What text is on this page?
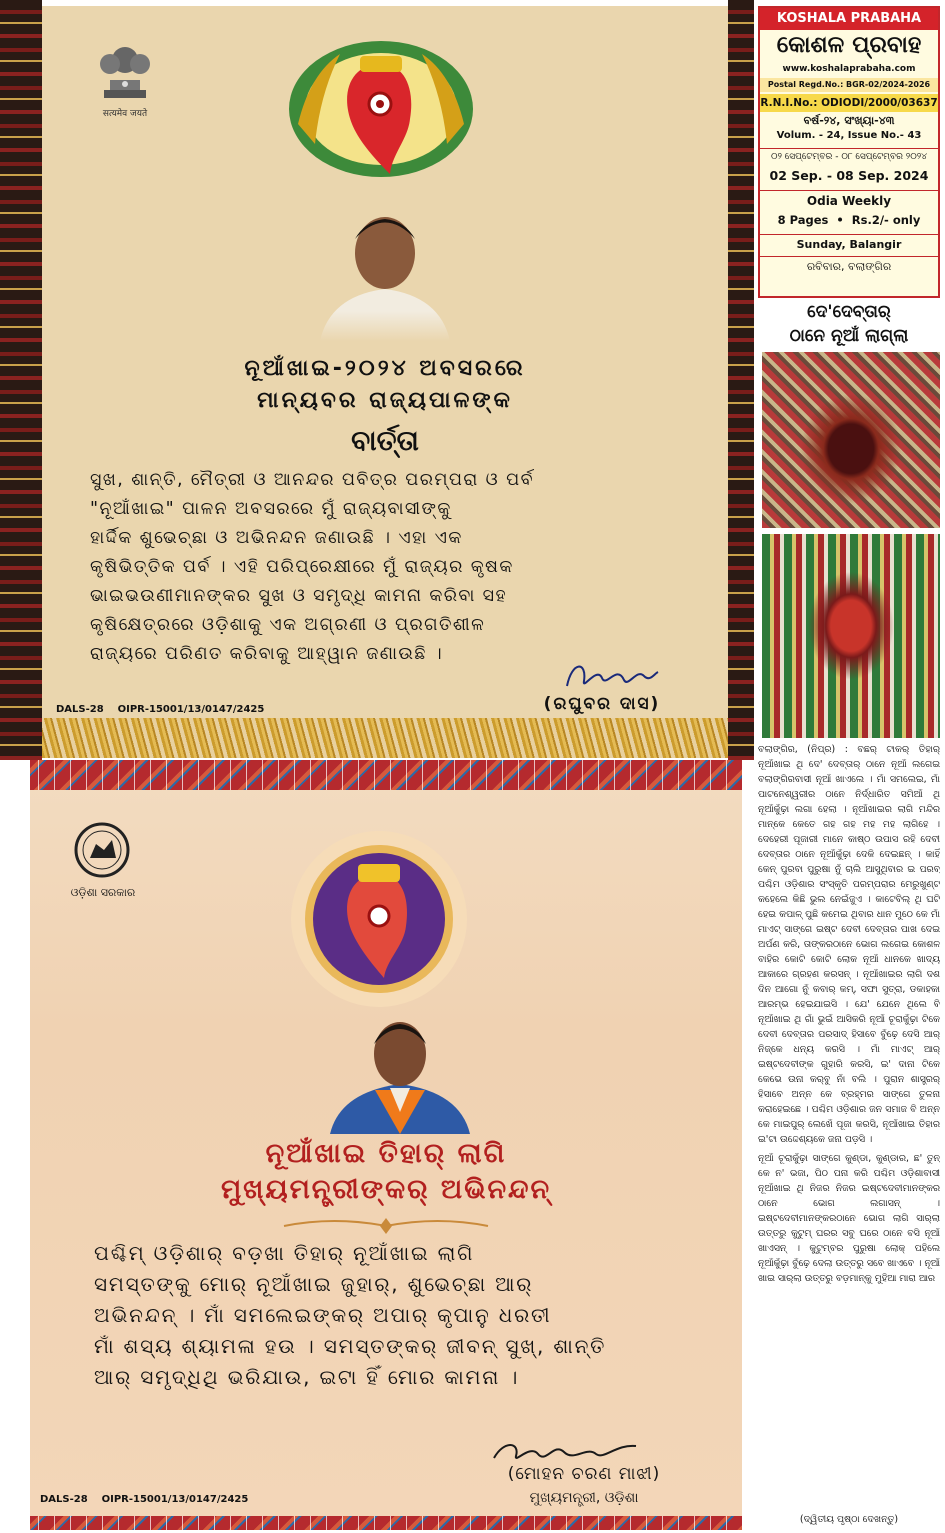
सत्यमेव जयते
ନୂଆଁଖାଇ-୨୦୨୪ ଅବସରରେ
ମାନ୍ୟବର ରାଜ୍ୟପାଳଙ୍କ
ବାର୍ତ୍ତା
ସୁଖ, ଶାନ୍ତି, ମୈତ୍ରୀ ଓ ଆନନ୍ଦର ପବିତ୍ର ପରମ୍ପରା ଓ ପର୍ବ
"ନୂଆଁଖାଇ" ପାଳନ ଅବସରରେ ମୁଁ ରାଜ୍ୟବାସୀଙ୍କୁ
ହାର୍ଦ୍ଦିକ ଶୁଭେଚ୍ଛା ଓ ଅଭିନନ୍ଦନ ଜଣାଉଛି । ଏହା ଏକ
କୃଷିଭିତ୍ତିକ ପର୍ବ । ଏହି ପରିପ୍ରେକ୍ଷୀରେ ମୁଁ ରାଜ୍ୟର କୃଷକ
ଭାଇଭଉଣୀମାନଙ୍କର ସୁଖ ଓ ସମୃଦ୍ଧି କାମନା କରିବା ସହ
କୃଷିକ୍ଷେତ୍ରରେ ଓଡ଼ିଶାକୁ ଏକ ଅଗ୍ରଣୀ ଓ ପ୍ରଗତିଶୀଳ
ରାଜ୍ୟରେ ପରିଣତ କରିବାକୁ ଆହ୍ୱାନ ଜଣାଉଛି ।
(ରଘୁବର ଦାସ)
DALS-28    OIPR-15001/13/0147/2425
ଓଡ଼ିଶା ସରକାର
ନୂଆଁଖାଇ ତିହାର୍ ଲାଗି
ମୁଖ୍ୟମନ୍ତ୍ରୀଙ୍କର୍ ଅଭିନନ୍ଦନ୍
ପଶ୍ଚିମ୍ ଓଡ଼ିଶାର୍ ବଡ଼ଖା ତିହାର୍ ନୂଆଁଖାଇ ଲାଗି
ସମସ୍ତଙ୍କୁ ମୋର୍ ନୂଆଁଖାଇ ଜୁହାର୍, ଶୁଭେଚ୍ଛା ଆର୍
ଅଭିନନ୍ଦନ୍ । ମାଁ ସମଲେଇଙ୍କର୍ ଅପାର୍ କୃପାନୁ ଧରତୀ
ମାଁ ଶସ୍ୟ ଶ୍ୟାମଳା ହଉ । ସମସ୍ତଙ୍କର୍ ଜୀବନ୍ ସୁଖ୍, ଶାନ୍ତି
ଆର୍ ସମୃଦ୍ଧିଥି ଭରିଯାଉ, ଇଟା ହିଁ ମୋର କାମନା ।
(ମୋହନ ଚରଣ ମାଝୀ)
ମୁଖ୍ୟମନ୍ତ୍ରୀ, ଓଡ଼ିଶା
DALS-28    OIPR-15001/13/0147/2425
KOSHALA PRABAHA
କୋଶଳ ପ୍ରବାହ
www.koshalaprabaha.com
Postal Regd.No.: BGR-02/2024-2026
R.N.I.No.: ODIODI/2000/03637
ବର୍ଷ-୨୪, ସଂଖ୍ୟା-୪୩
Volum. - 24, Issue No.- 43
୦୨ ସେପ୍ଟେମ୍ବର - ୦୮ ସେପ୍ଟେମ୍ବର ୨୦୨୪
02 Sep. - 08 Sep. 2024
Odia Weekly
8 Pages  •  Rs.2/- only
Sunday, Balangir
ରବିବାର, ବଲାଙ୍ଗିର
ଦେ'ଦେବ୍ତାର୍
ଠାନେ ନୂଆଁ ଲାଗ୍ଲା

ବଲାଙ୍ଗିର, (ନିପ୍ର) : ବଛର୍ ଟାକର୍ ତିହାର୍ ନୂଆଁଖାଇ ଥି ଦେ' ଦେବ୍ତାର୍ ଠାନେ ନୂଆଁ ଲଗେଇ ବଲାଙ୍ଗିରବାସୀ ନୂଆଁ ଖାଏଲେ । ମାଁ ସମଲେଇ, ମାଁ ପାଟନେଶ୍ୱରୀର ଠାନେ ନିର୍ଦ୍ଧାରିତ ସମିଆଁ ଥି ନୂଆଁକୁଁଢ଼ା ଲଗା ହେଲା । ନୂଆଁଖାଇର ଲାଗି ମନ୍ଦିର ମାନ୍‌କେ କେତେ ଗହ ଗହ ମହ ମହ ଲାଗିହେ । ଦେହେରୀ ପୂଜାରୀ ମାନେ କାଷ୍ଠ ଉପାସ ରହି ଦେବୀ ଦେବ୍ତାର ଠାନେ ନୂଆଁକୁଁଢ଼ା ଦେକି ଦେଇଛନ୍ । କାହିଁ କେନ୍ ପୁରବା ପୁରୁଷା ନୁଁ ଚାଲି ଆସୁଥିବାର ଇ ପରବ୍ ପଶ୍ଚିମ ଓଡ଼ିଶାର ସଂସ୍କୃତି ପରମ୍ପରାର ମେରୁଖୁଣ୍ଟ କହେଲେ କିଛି ଭୁଲ ନେଇଁଜୁଏ । କାଟେବିଲ୍ ଥି ଘଟି ହେଇ କପାଳ୍ ପୁଛି କମେଇ ଥିବାର ଧାନ ମୁଠେ କେ ମାଁ ମାଏଟ୍ ସାଙ୍ଗେ ଇଷ୍ଟ ଦେବୀ ଦେବ୍ତାର ପାଖ ଦେଇ ଅର୍ପଣ କରି, ତାଙ୍କରଠାନେ ଭୋଗ ଲଗେଇ କୋଶଳ ବାହିର କୋଟି କୋଟି ଲୋକ ନୂଆଁ ଧାନକେ ଖାଦ୍ୟ ଆକାରେ ଗ୍ରହଣ କରସନ୍ । ନୂଆଁଖାଇର ଲାଗି ଦଶ ଦିନ ଆଗୋ ନୁଁ କବାର୍ କମ୍, ସଫା ସୁତ୍ରା, ଡକାହକା ଆରମ୍ଭ ହେଇଯାଇସି । ଯେ' ଯେନେ ଥିଲେ ବି ନୂଆଁଖାଇ ଥି ଗାଁ ଭୁଇଁ ଆସିକରି ନୂଆଁ ଚୂରାକୁଁଢ଼ା ଟିକେ ଦେବୀ ଦେବ୍ତାର ପରସାଦ୍ ହିସାବେ ବୁଁଢ଼େ ଦେସି ଆର୍ ନିଜ୍‌କେ ଧନ୍ୟ କରସି । ମାଁ ମାଏଟ୍ ଆର୍ ଇଷ୍ଟଦେବୀଙ୍କ ଗୁହାରି କରସି, ଇ' ଦାନା ଟିକେ କେଭେ ଉନା କର୍‌ବୁ ନାଁ ବଲି । ପୁରାନ ଶାସ୍ତ୍ରର୍ ହିସାବେ ଅନ୍ନ କେ ବ୍ରହ୍ମର ସାଙ୍ଗେ ତୁଳନା କରାହେଇଛେ । ପଶ୍ଚିମ ଓଡ଼ିଶାର ଜନ ସମାଜ ବି ଅନ୍ନ କେ ମାଇପୁର୍ ଲେଖେଁ ପୂଜା କରସି, ନୂଆଁଖାଇ ତିହାର ଇ'ଟା ଉଦ୍ଦେଶ୍ୟକେ ଜନା ପଡ଼ସି ।

ନୂଆଁ ଚୂରାକୁଁଢ଼ା ସାଙ୍ଗେ କୁଣ୍ଡା, କୁଣ୍ଡାର, ଛ' ତୁନ୍ କେ ନ' ଭଜା, ପିଠ ପନା କରି ପଶ୍ଚିମ ଓଡ଼ିଶାବାସୀ ନୂଆଁଖାଇ ଥି ନିଜର ନିଜର ଇଷ୍ଟଦେବୀମାନଙ୍କର ଠାନେ ଭୋଗ ଲଗାସନ୍ । ଇଷ୍ଟଦେବୀମାନଙ୍କରଠାନେ ଭୋଗ ଲାଗି ସାର୍‌ଲା ଉତ୍ତରୁ କୁଟୁମ୍ ଘରର ସବୁ ଘରେ ଠାନେ ବସି ନୂଆଁ ଖାଏସନ୍ । କୁଟୁମ୍ବର ପୁରୁଷା ଲୋକ୍ ପହିଲେ ନୂଆଁକୁଁଢ଼ା ବୁଁଢ଼େ ଦେଲା ଉତ୍ତରୁ ସବେ ଖାଏବେ । ନୂଆଁ ଖାଇ ସାର୍‌ଲା ଉତ୍ତରୁ ବଡ଼ମାନ୍‌କୁ ମୁହିଆ ମାରା ଆର

(ଦ୍ୱିତୀୟ ପୃଷ୍ଠା ଦେଖନ୍ତୁ)
